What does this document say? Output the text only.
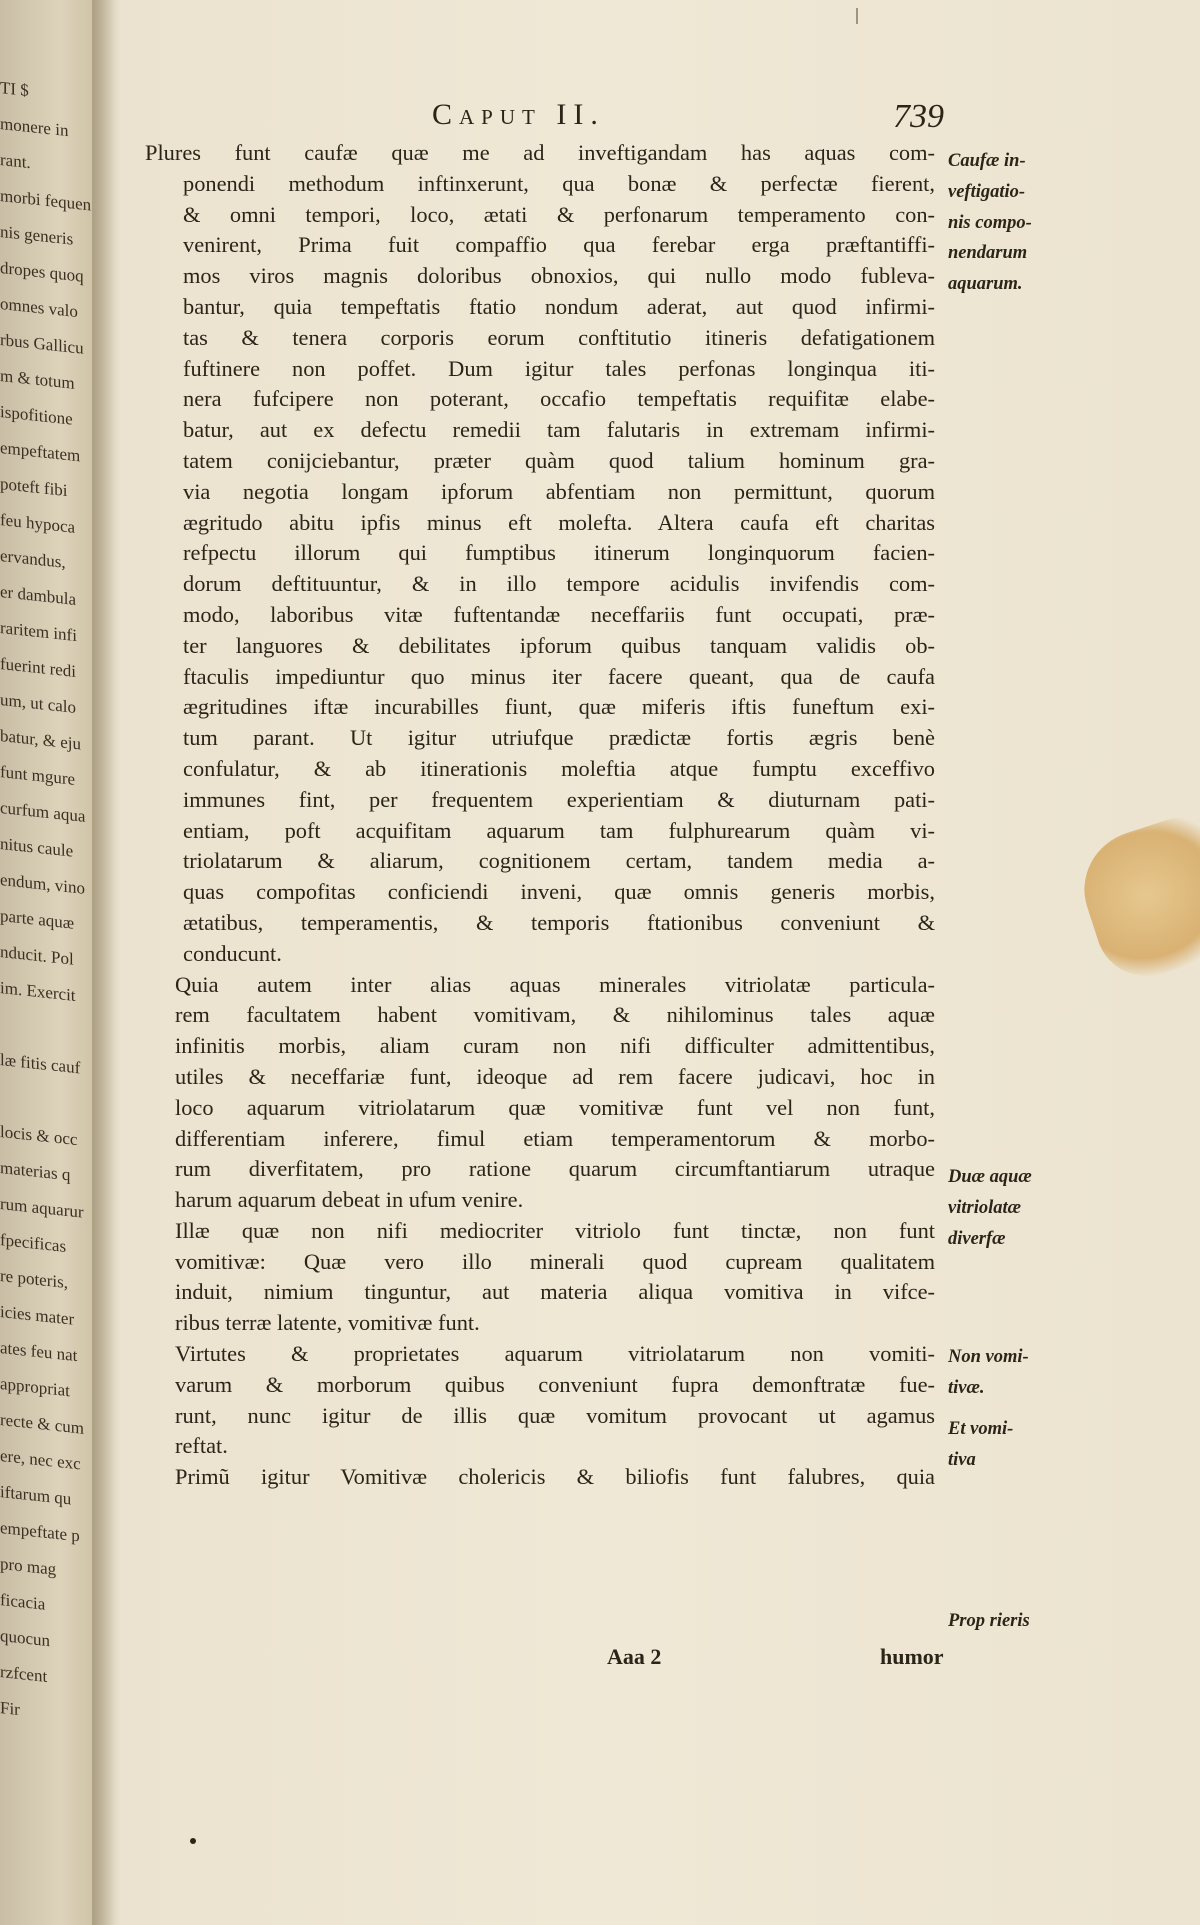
TI $
monere in
rant.
morbi fequen
nis generis
dropes quoq
omnes valo
rbus Gallicu
m & totum
ispofitione
empeftatem
poteft fibi
feu hypoca
ervandus,
er dambula
raritem infi
fuerint redi
um, ut calo
batur, & eju
funt mgure
curfum aqua
nitus caule
endum, vino
parte aquæ
nducit. Pol
im. Exercit

læ fitis cauf

locis & occ
materias q
rum aquarur
fpecificas
re poteris,
icies mater
ates feu nat
appropriat
recte & cum
ere, nec exc
iftarum qu
empeftate p
pro mag
ficacia
quocun
rzfcent
Fir
Caput II.	739
Plures funt caufæ quæ me ad inveftigandam has aquas com-
ponendi methodum inftinxerunt, qua bonæ & perfectæ fierent,
& omni tempori, loco, ætati & perfonarum temperamento con-
venirent, Prima fuit compaffio qua ferebar erga præftantiffi-
mos viros magnis doloribus obnoxios, qui nullo modo fubleva-
bantur, quia tempeftatis ftatio nondum aderat, aut quod infirmi-
tas & tenera corporis eorum conftitutio itineris defatigationem
fuftinere non poffet. Dum igitur tales perfonas longinqua iti-
nera fufcipere non poterant, occafio tempeftatis requifitæ elabe-
batur, aut ex defectu remedii tam falutaris in extremam infirmi-
tatem conijciebantur, præter quàm quod talium hominum gra-
via negotia longam ipforum abfentiam non permittunt, quorum
ægritudo abitu ipfis minus eft molefta. Altera caufa eft charitas
refpectu illorum qui fumptibus itinerum longinquorum facien-
dorum deftituuntur, & in illo tempore acidulis invifendis com-
modo, laboribus vitæ fuftentandæ neceffariis funt occupati, præ-
ter languores & debilitates ipforum quibus tanquam validis ob-
ftaculis impediuntur quo minus iter facere queant, qua de caufa
ægritudines iftæ incurabilles fiunt, quæ miferis iftis funeftum exi-
tum parant. Ut igitur utriufque prædictæ fortis ægris benè
confulatur, & ab itinerationis moleftia atque fumptu exceffivo
immunes fint, per frequentem experientiam & diuturnam pati-
entiam, poft acquifitam aquarum tam fulphurearum quàm vi-
triolatarum & aliarum, cognitionem certam, tandem media a-
quas compofitas conficiendi inveni, quæ omnis generis morbis,
ætatibus, temperamentis, & temporis ftationibus conveniunt &
conducunt.
Quia autem inter alias aquas minerales vitriolatæ particula-
rem facultatem habent vomitivam, & nihilominus tales aquæ
infinitis morbis, aliam curam non nifi difficulter admittentibus,
utiles & neceffariæ funt, ideoque ad rem facere judicavi, hoc in
loco aquarum vitriolatarum quæ vomitivæ funt vel non funt,
differentiam inferere, fimul etiam temperamentorum & morbo-
rum diverfitatem, pro ratione quarum circumftantiarum utraque
harum aquarum debeat in ufum venire.
Illæ quæ non nifi mediocriter vitriolo funt tinctæ, non funt
vomitivæ: Quæ vero illo minerali quod cupream qualitatem
induit, nimium tinguntur, aut materia aliqua vomitiva in vifce-
ribus terræ latente, vomitivæ funt.
Virtutes & proprietates aquarum vitriolatarum non vomiti-
varum & morborum quibus conveniunt fupra demonftratæ fue-
runt, nunc igitur de illis quæ vomitum provocant ut agamus
reftat.
Primũ igitur Vomitivæ cholericis & biliofis funt falubres, quia
Caufæ in-
veftigatio-
nis compo-
nendarum
aquarum.
Duæ aquæ
vitriolatæ
diverfæ
Non vomi-
tivæ.
Et vomi-
tiva
Prop rieris
Aaa 2	humor
